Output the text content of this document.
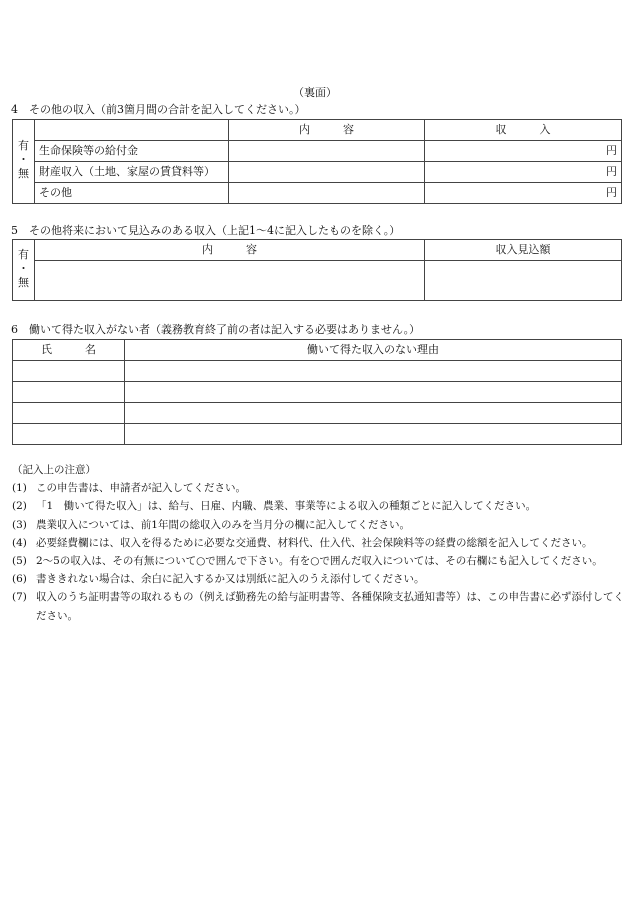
（裏面）
4　その他の収入（前3箇月間の合計を記入してください。）
有
・
無		内　　　容	収　　　入
	生命保険等の給付金		円
	財産収入（土地、家屋の賃貸料等）		円
	その他		円
5　その他将来において見込みのある収入（上記1～4に記入したものを除く。）
有
・
無	内　　　容	収入見込額

6　働いて得た収入がない者（義務教育終了前の者は記入する必要はありません。）
氏　　　名	働いて得た収入のない理由

（記入上の注意）
(1) この申告書は、申請者が記入してください。
(2) 「1　働いて得た収入」は、給与、日雇、内職、農業、事業等による収入の種類ごとに記入してください。
(3) 農業収入については、前1年間の総収入のみを当月分の欄に記入してください。
(4) 必要経費欄には、収入を得るために必要な交通費、材料代、仕入代、社会保険料等の経費の総額を記入してください。
(5) 2～5の収入は、その有無について○で囲んで下さい。有を○で囲んだ収入については、その右欄にも記入してください。
(6) 書ききれない場合は、余白に記入するか又は別紙に記入のうえ添付してください。
(7) 収入のうち証明書等の取れるもの（例えば勤務先の給与証明書等、各種保険支払通知書等）は、この申告書に必ず添付してください。
